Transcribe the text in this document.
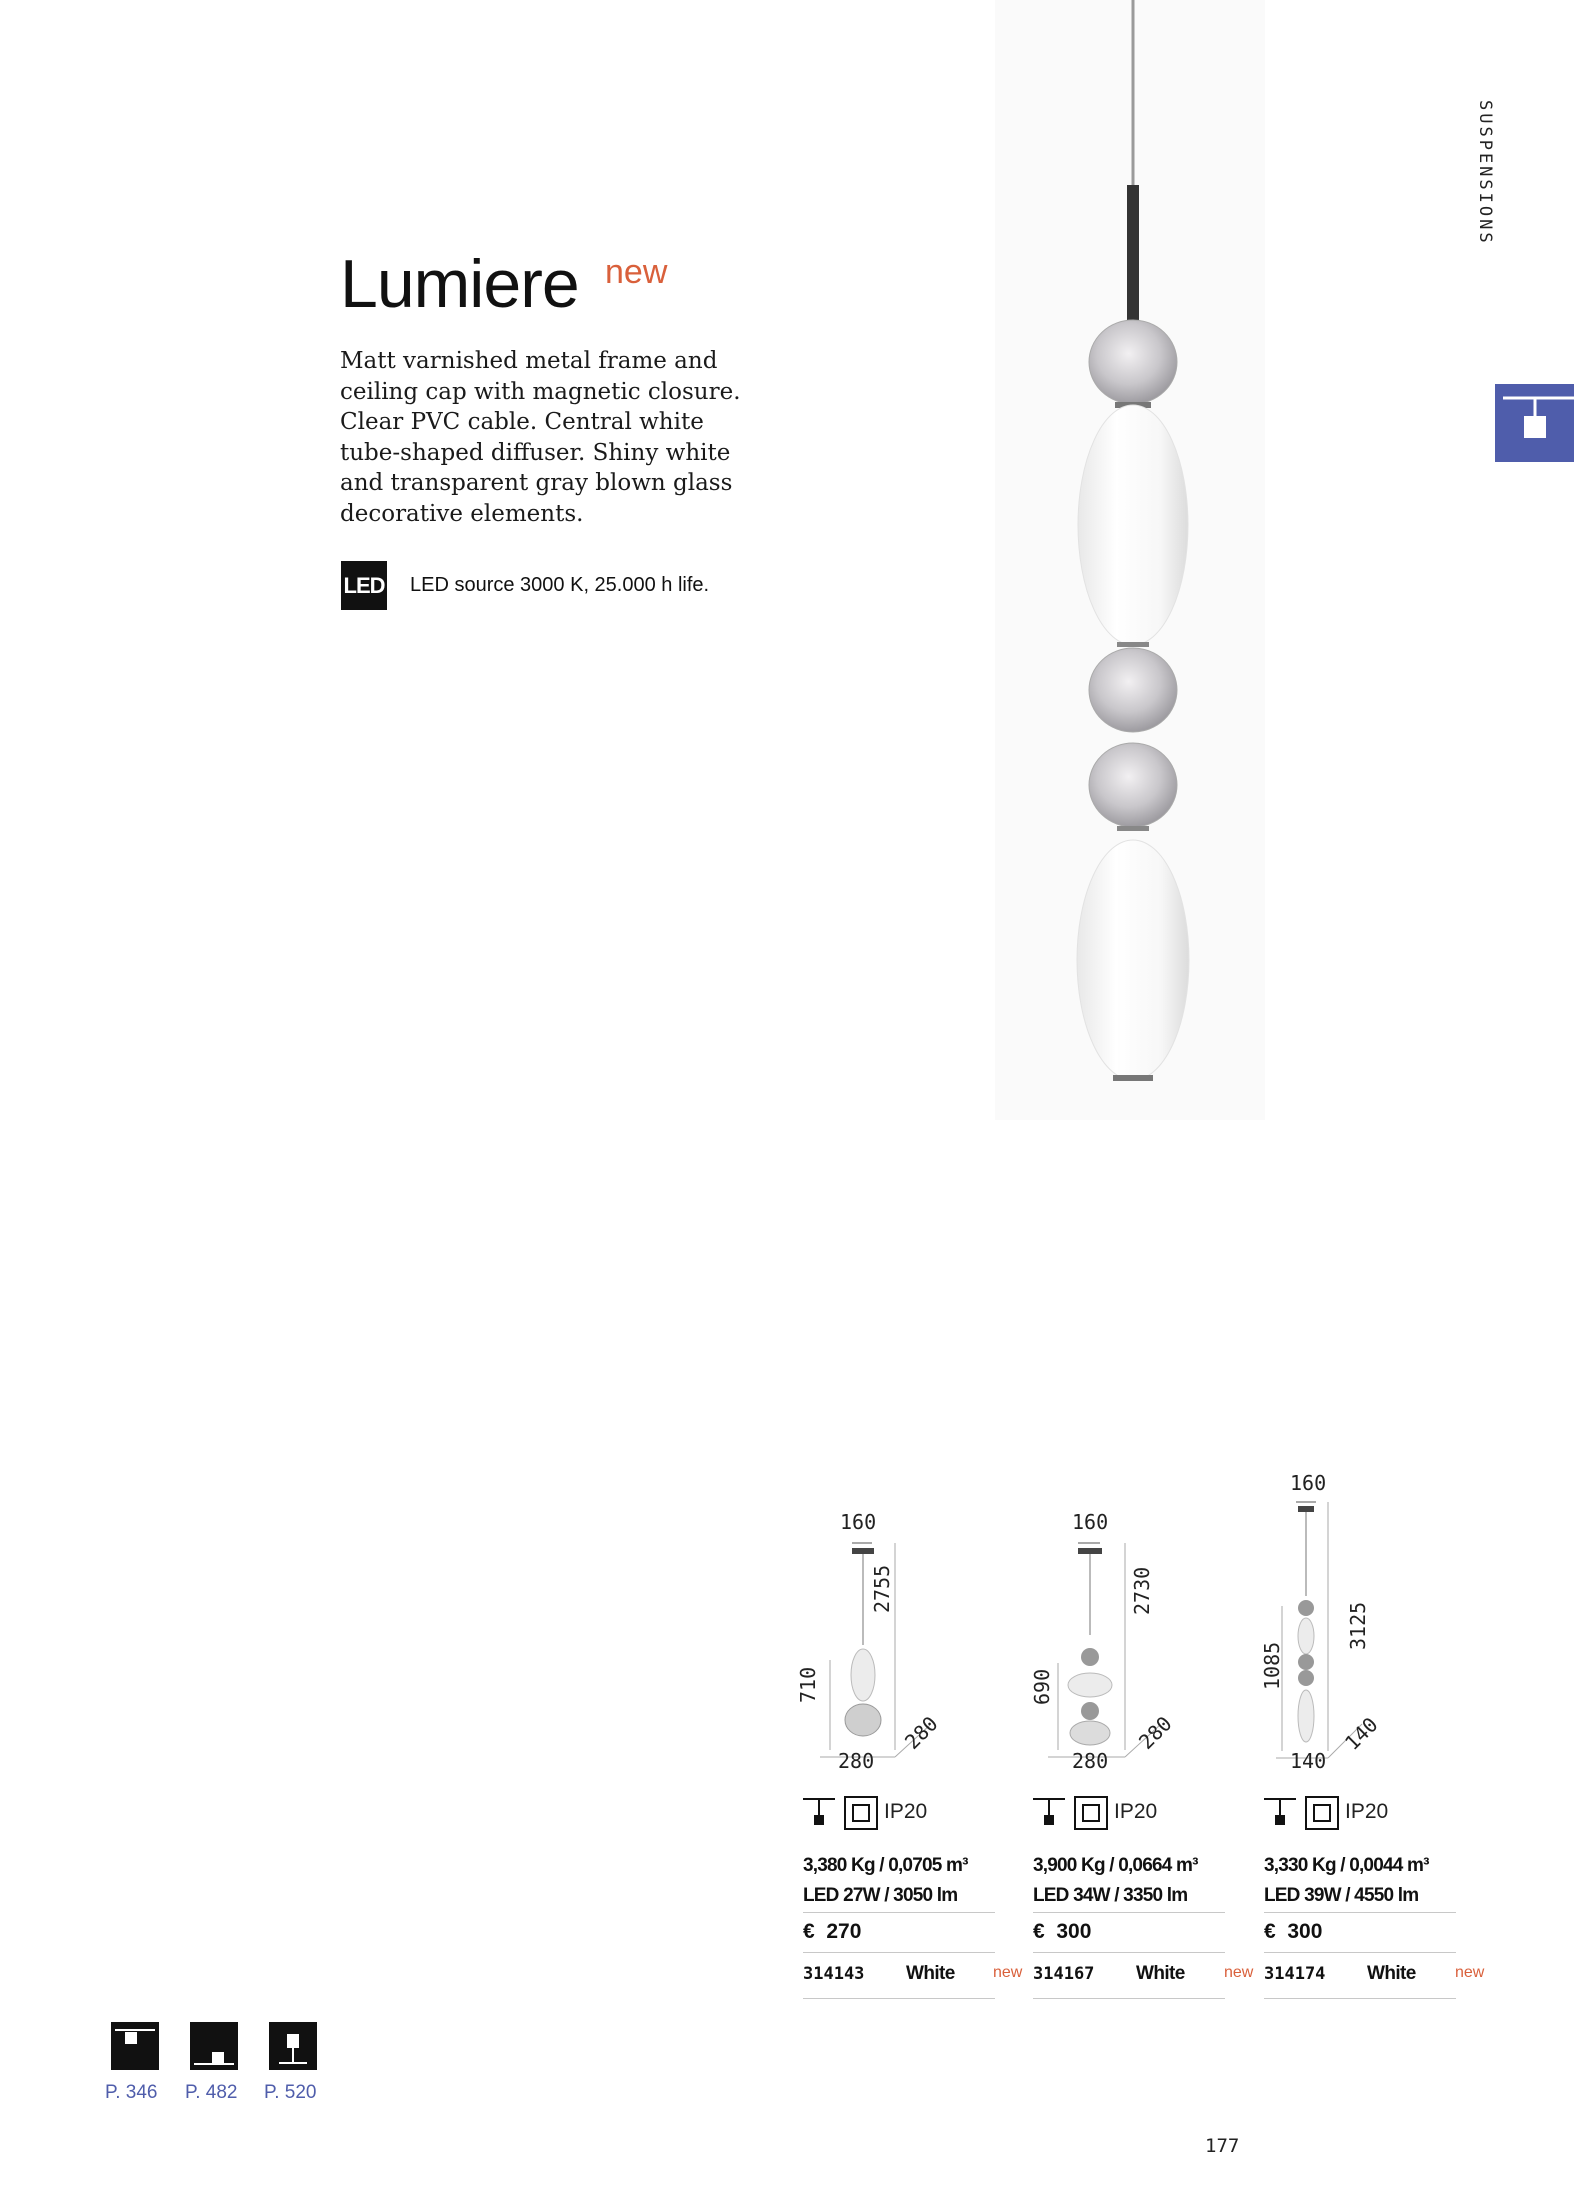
Lumiere new
Matt varnished metal frame and ceiling cap with magnetic closure. Clear PVC cable. Central white tube-shaped diffuser. Shiny white and transparent gray blown glass decorative elements.
LED LED source 3000 K, 25.000 h life.
SUSPENSIONS
160
2755
710
280
280
IP20
3,380 Kg / 0,0705 m³
LED 27W / 3050 lm
€ 270
314143 White new
160
2730
690
280
280
IP20
3,900 Kg / 0,0664 m³
LED 34W / 3350 lm
€ 300
314167 White new
160
3125
1085
140
140
IP20
3,330 Kg / 0,0044 m³
LED 39W / 4550 lm
€ 300
314174 White new
P. 346 P. 482 P. 520
177
